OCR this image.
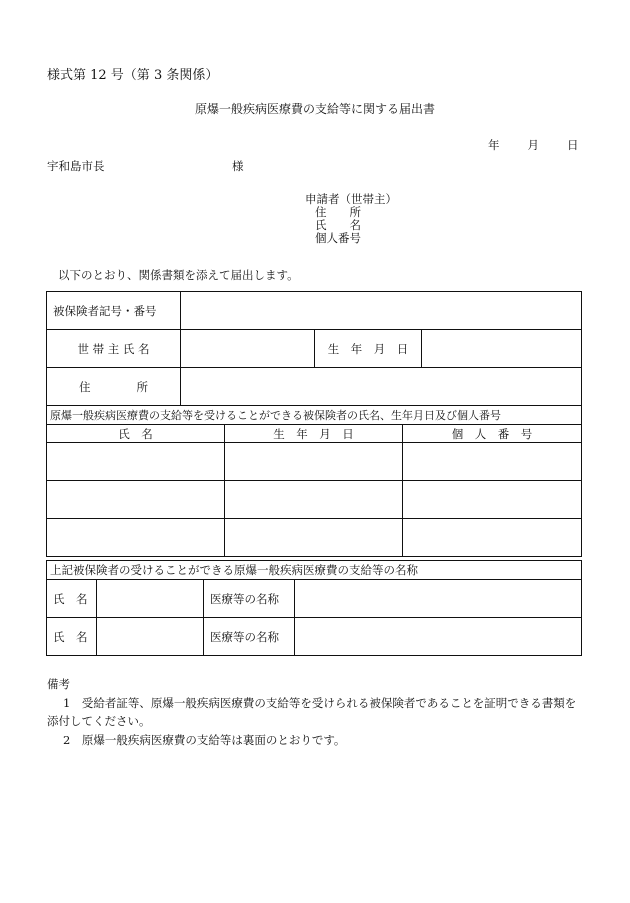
様式第 12 号（第 3 条関係）
原爆一般疾病医療費の支給等に関する届出書
年 月 日
宇和島市長	様
申請者（世帯主）
住　　所
氏　　名
個人番号
以下のとおり、関係書類を添えて届出します。
被保険者記号・番号			
世 帯 主 氏 名		生　年　月　日	
住　　　　所			
原爆一般疾病医療費の支給等を受けることができる被保険者の氏名、生年月日及び個人番号		
氏　名	生　年　月　日	個　人　番　号

上記被保険者の受けることができる原爆一般疾病医療費の支給等の名称			
氏　名		医療等の名称	
氏　名		医療等の名称	
備考
1　受給者証等、原爆一般疾病医療費の支給等を受けられる被保険者であることを証明できる書類を添付してください。
2　原爆一般疾病医療費の支給等は裏面のとおりです。
